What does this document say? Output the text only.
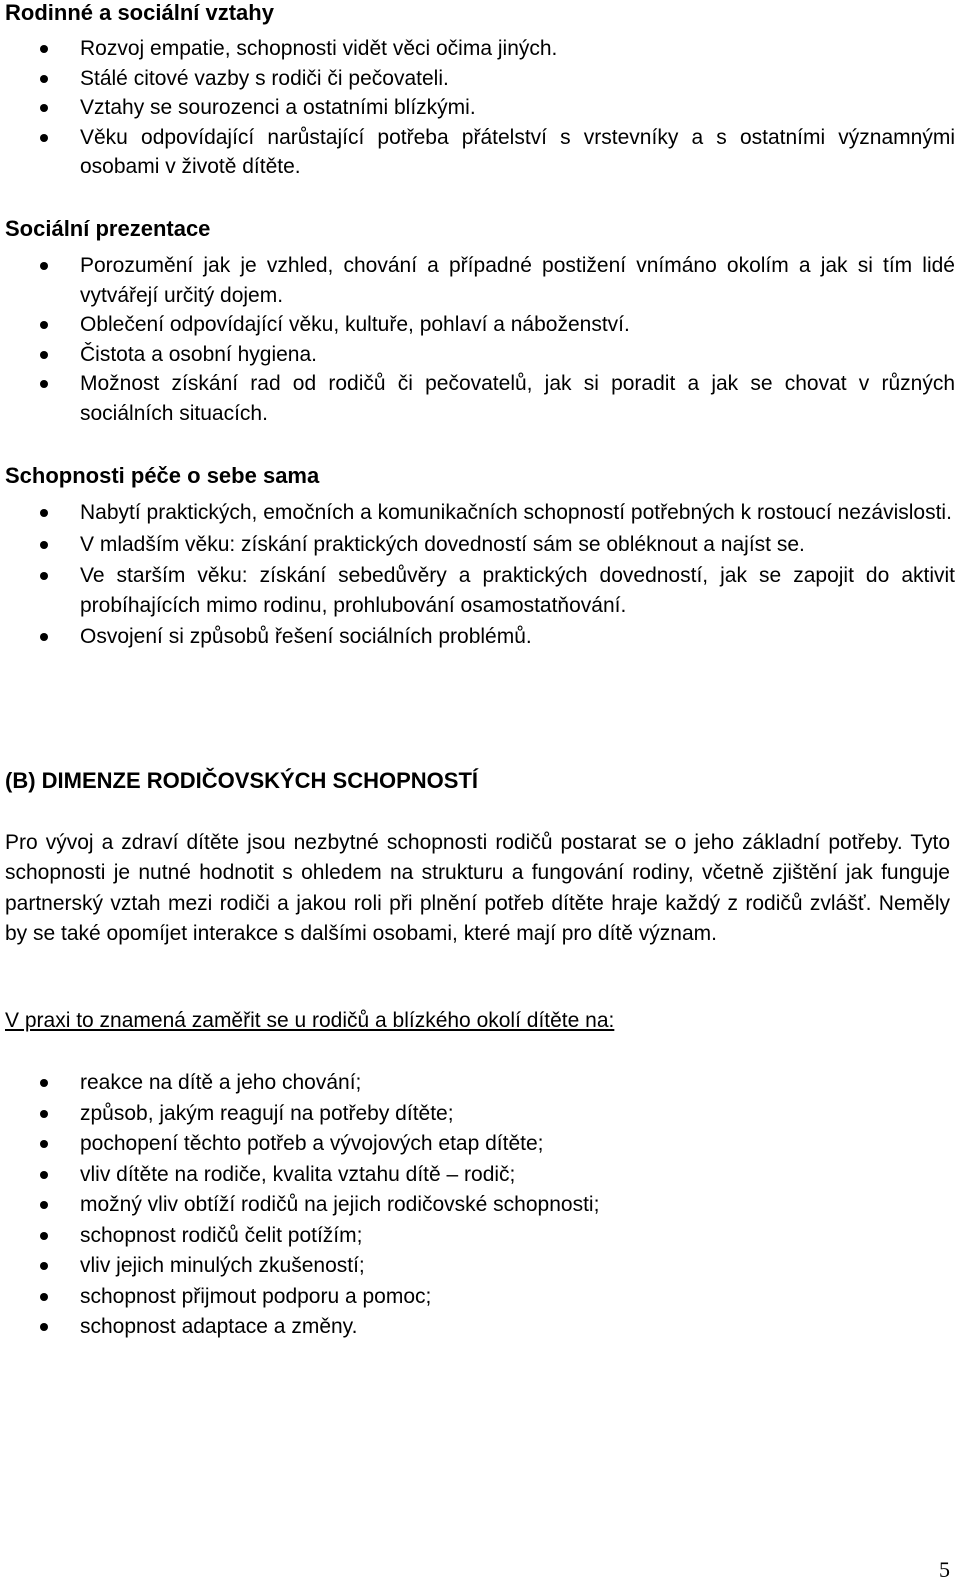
Rodinné a sociální vztahy
Rozvoj empatie, schopnosti vidět věci očima jiných.
Stálé citové vazby s rodiči či pečovateli.
Vztahy se sourozenci a ostatními blízkými.
Věku odpovídající narůstající potřeba přátelství s vrstevníky a s ostatními významnými osobami v životě dítěte.
Sociální prezentace
Porozumění jak je vzhled, chování a případné postižení vnímáno okolím a jak si tím lidé vytvářejí určitý dojem.
Oblečení odpovídající věku, kultuře, pohlaví a náboženství.
Čistota a osobní hygiena.
Možnost získání rad od rodičů či pečovatelů, jak si poradit a jak se chovat v různých sociálních situacích.
Schopnosti péče o sebe sama
Nabytí praktických, emočních a komunikačních schopností potřebných k rostoucí nezávislosti.
V mladším věku: získání praktických dovedností sám se obléknout a najíst se.
Ve starším věku: získání sebedůvěry a praktických dovedností, jak se zapojit do aktivit probíhajících mimo rodinu, prohlubování osamostatňování.
Osvojení si způsobů řešení sociálních problémů.
(B) DIMENZE RODIČOVSKÝCH SCHOPNOSTÍ

Pro vývoj a zdraví dítěte jsou nezbytné schopnosti rodičů postarat se o jeho základní potřeby. Tyto schopnosti je nutné hodnotit s ohledem na strukturu a fungování rodiny, včetně zjištění jak funguje partnerský vztah mezi rodiči a jakou roli při plnění potřeb dítěte hraje každý z rodičů zvlášť. Neměly by se také opomíjet interakce s dalšími osobami, které mají pro dítě význam.

V praxi to znamená zaměřit se u rodičů a blízkého okolí dítěte na:

reakce na dítě a jeho chování;
způsob, jakým reagují na potřeby dítěte;
pochopení těchto potřeb a vývojových etap dítěte;
vliv dítěte na rodiče, kvalita vztahu dítě – rodič;
možný vliv obtíží rodičů na jejich rodičovské schopnosti;
schopnost rodičů čelit potížím;
vliv jejich minulých zkušeností;
schopnost přijmout podporu a pomoc;
schopnost adaptace a změny.
5
